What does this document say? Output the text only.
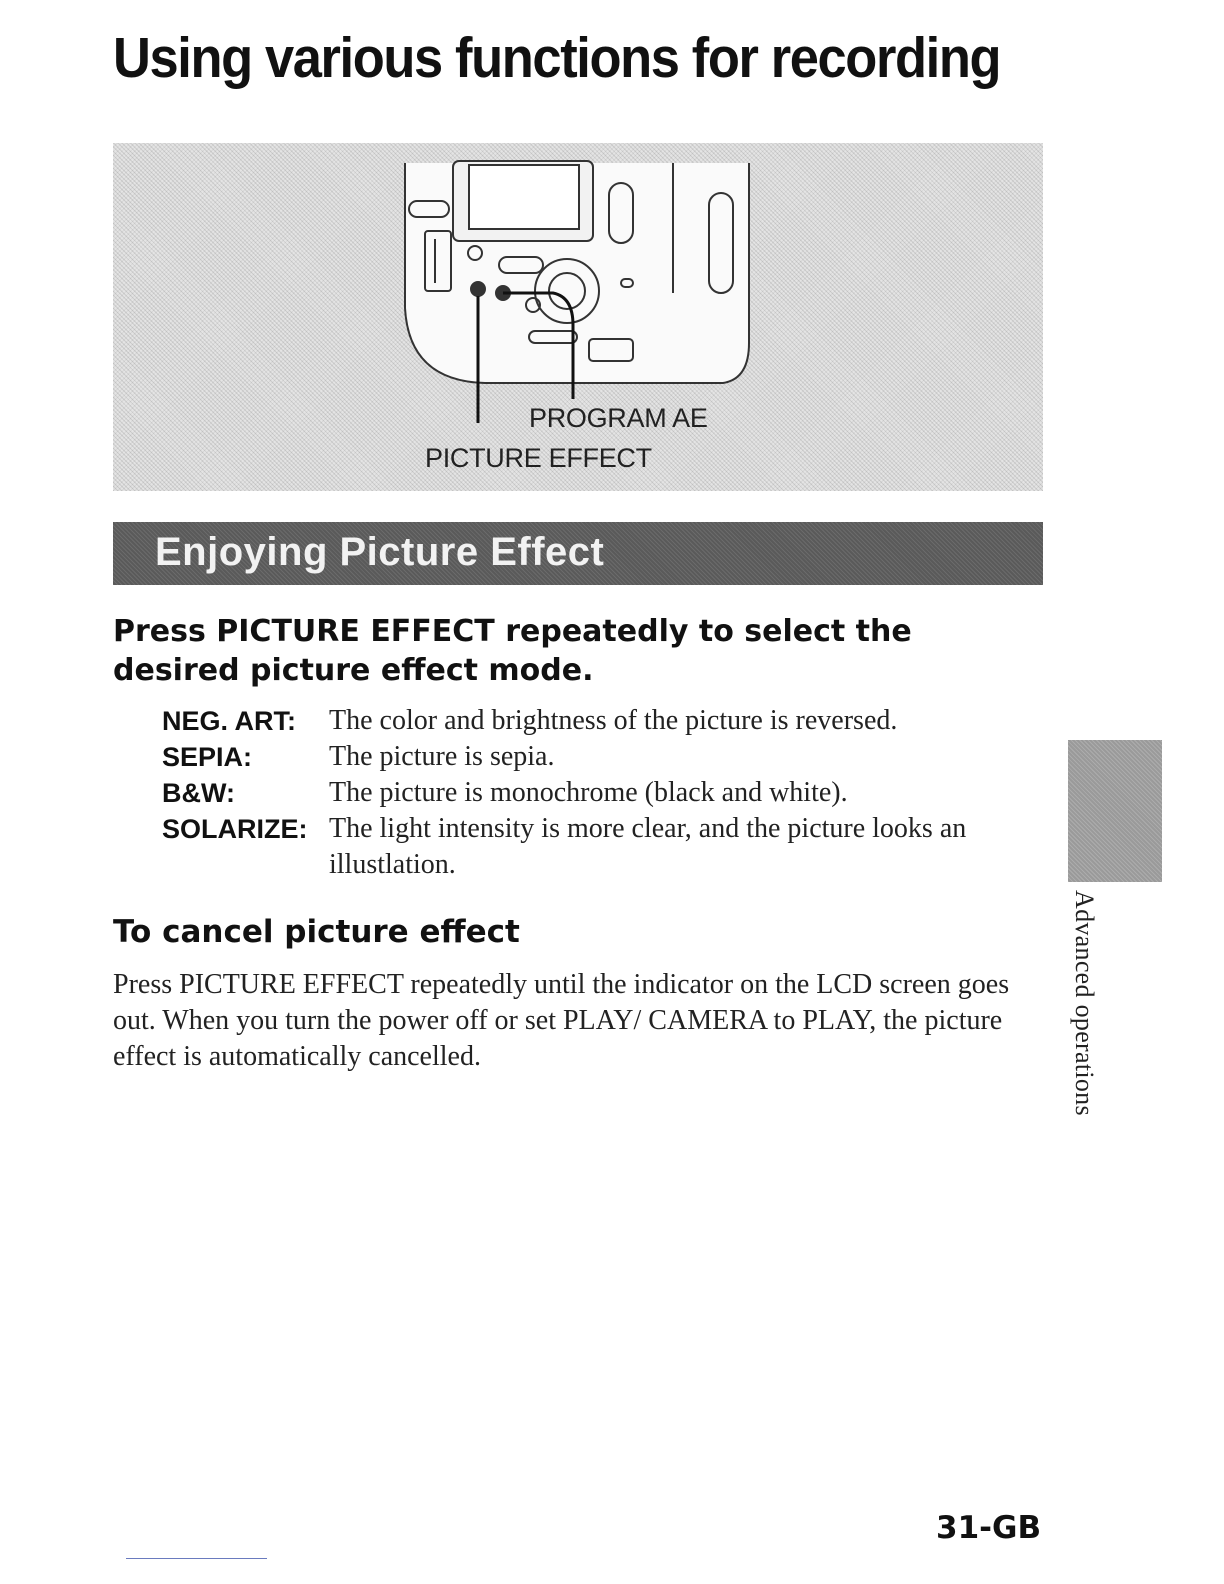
Using various functions for recording
PROGRAM AE
PICTURE EFFECT
Enjoying Picture Effect
Press PICTURE EFFECT repeatedly to select the desired picture effect mode.
NEG. ART: The color and brightness of the picture is reversed.
SEPIA:	The picture is sepia.
B&W:	The picture is monochrome (black and white).
SOLARIZE: The light intensity is more clear, and the picture looks an illustlation.
To cancel picture effect
Press PICTURE EFFECT repeatedly until the indicator on the LCD screen goes out. When you turn the power off or set PLAY/ CAMERA to PLAY, the picture effect is automatically cancelled.	Advanced operations
31-GB
